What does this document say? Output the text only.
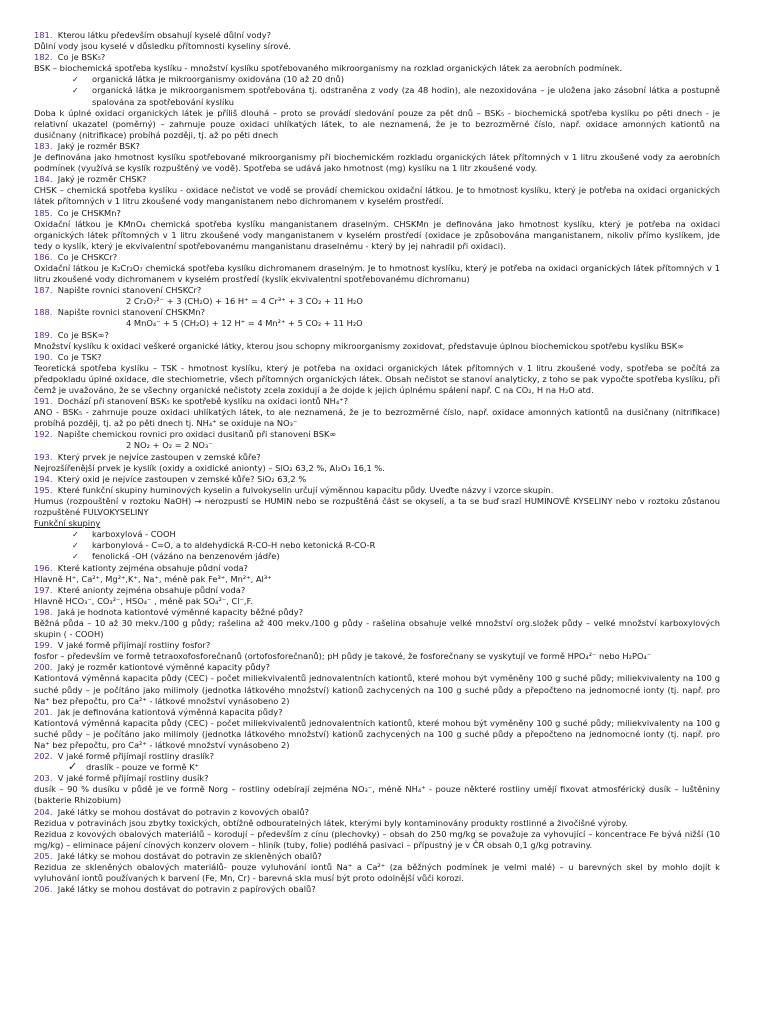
181. Kterou látku především obsahují kyselé důlní vody?
Důlní vody jsou kyselé v důsledku přítomnosti kyseliny sírové.
182. Co je BSK₅?
BSK – biochemická spotřeba kyslíku - množství kyslíku spotřebovaného mikroorganismy na rozklad organických látek za aerobních podmínek.
✓ organická látka je mikroorganismy oxidována (10 až 20 dnů)
✓ organická látka je mikroorganismem spotřebována tj. odstraněna z vody (za 48 hodin), ale nezoxidována – je uložena jako zásobní látka a postupně spalována za spotřebování kyslíku
Doba k úplné oxidaci organických látek je příliš dlouhá – proto se provádí sledování pouze za pět dnů – BSK₅ - biochemická spotřeba kyslíku po pěti dnech - je relativní ukazatel (poměrný) – zahrnuje pouze oxidaci uhlíkatých látek, to ale neznamená, že je to bezrozměrné číslo, např. oxidace amonných kationtů na dusičnany (nitrifikace) probíhá později, tj. až po pěti dnech
183. Jaký je rozměr BSK?
Je definována jako hmotnost kyslíku spotřebované mikroorganismy při biochemickém rozkladu organických látek přítomných v 1 litru zkoušené vody za aerobních podmínek (využívá se kyslík rozpuštěný ve vodě). Spotřeba se udává jako hmotnost (mg) kyslíku na 1 litr zkoušené vody.
184. Jaký je rozměr CHSK?
CHSK – chemická spotřeba kyslíku - oxidace nečistot ve vodě se provádí chemickou oxidační látkou. Je to hmotnost kyslíku, který je potřeba na oxidaci organických látek přítomných v 1 litru zkoušené vody manganistanem nebo dichromanem v kyselém prostředí.
185. Co je CHSKMn?
Oxidační látkou je KMnO₄ chemická spotřeba kyslíku manganistanem draselným. CHSKMn je definována jako hmotnost kyslíku, který je potřeba na oxidaci organických látek přítomných v 1 litru zkoušené vody manganistanem v kyselém prostředí (oxidace je způsobována manganistanem, nikoliv přímo kyslíkem, jde tedy o kyslík, který je ekvivalentní spotřebovanému manganistanu draselnému - který by jej nahradil při oxidaci).
186. Co je CHSKCr?
Oxidační látkou je K₂Cr₂O₇ chemická spotřeba kyslíku dichromanem draselným. Je to hmotnost kyslíku, který je potřeba na oxidaci organických látek přítomných v 1 litru zkoušené vody dichromanem v kyselém prostředí (kyslík ekvivalentní spotřebovanému dichromanu)
187. Napište rovnici stanovení CHSKCr?
2 Cr₂O₇²⁻ + 3 (CH₂O) + 16 H⁺ = 4 Cr³⁺ + 3 CO₂ + 11 H₂O
188. Napište rovnici stanovení CHSKMn?
4 MnO₄⁻ + 5 (CH₂O) + 12 H⁺ = 4 Mn²⁺ + 5 CO₂ + 11 H₂O
189. Co je BSK∞?
Množství kyslíku k oxidaci veškeré organické látky, kterou jsou schopny mikroorganismy zoxidovat, představuje úplnou biochemickou spotřebu kyslíku BSK∞
190. Co je TSK?
Teoretická spotřeba kyslíku – TSK - hmotnost kyslíku, který je potřeba na oxidaci organických látek přítomných v 1 litru zkoušené vody, spotřeba se počítá za předpokladu úplné oxidace, dle stechiometrie, všech přítomných organických látek. Obsah nečistot se stanoví analyticky, z toho se pak vypočte spotřeba kyslíku, při čemž je uvažováno, že se všechny organické nečistoty zcela zoxidují a že dojde k jejich úplnému spálení např. C na CO₂, H na H₂O atd.
191. Dochází při stanovení BSK₅ ke spotřebě kyslíku na oxidaci iontů NH₄⁺?
ANO - BSK₅ - zahrnuje pouze oxidaci uhlíkatých látek, to ale neznamená, že je to bezrozměrné číslo, např. oxidace amonných kationtů na dusičnany (nitrifikace) probíhá později, tj. až po pěti dnech tj. NH₄⁺ se oxiduje na NO₃⁻
192. Napište chemickou rovnici pro oxidaci dusitanů při stanovení BSK∞
2 NO₂ + O₂ = 2 NO₃⁻
193. Který prvek je nejvíce zastoupen v zemské kůře?
Nejrozšířenější prvek je kyslík (oxidy a oxidické anionty) – SiO₂ 63,2 %, Al₂O₃ 16,1 %.
194. Který oxid je nejvíce zastoupen v zemské kůře? SiO₂ 63,2 %
195. Které funkční skupiny huminových kyselin a fulvokyselin určují výměnnou kapacitu půdy. Uveďte názvy i vzorce skupin.
Humus (rozpouštění v roztoku NaOH) → nerozpustí se HUMIN nebo se rozpuštěná část se okyselí, a ta se buď srazí HUMINOVÉ KYSELINY nebo v roztoku zůstanou rozpuštěné FULVOKYSELINY
Funkční skupiny
✓ karboxylová - COOH
✓ karbonylová - C=O, a to aldehydická R-CO-H nebo ketonická R-CO-R
✓ fenolická -OH (vázáno na benzenovém jádře)
196. Které kationty zejména obsahuje půdní voda?
Hlavně H⁺, Ca²⁺, Mg²⁺,K⁺, Na⁺, méně pak Fe³⁺, Mn²⁺, Al³⁺
197. Které anionty zejména obsahuje půdní voda?
Hlavně HCO₃⁻, CO₃²⁻, HSO₄⁻ , méně pak SO₄²⁻, Cl⁻,F.
198. Jaká je hodnota kationtové výměnné kapacity běžné půdy?
Běžná půda – 10 až 30 mekv./100 g půdy; rašelina až 400 mekv./100 g půdy - rašelina obsahuje velké množství org.složek půdy – velké množství karboxylových skupin ( - COOH)
199. V jaké formě přijímají rostliny fosfor?
fosfor – především ve formě tetraoxofosforečnanů (ortofosforečnanů); pH půdy je takové, že fosforečnany se vyskytují ve formě HPO₄²⁻ nebo H₂PO₄⁻
200. Jaký je rozměr kationtové výměnné kapacity půdy?
Kationtová výměnná kapacita půdy (CEC) - počet miliekvivalentů jednovalentních kationtů, které mohou být vyměněny 100 g suché půdy; miliekvivalenty na 100 g suché půdy – je počítáno jako milimoly (jednotka látkového množství) kationů zachycených na 100 g suché půdy a přepočteno na jednomocné ionty (tj. např. pro Na⁺ bez přepočtu, pro Ca²⁺ - látkové množství vynásobeno 2)
201. Jak je definována kationtová výměnná kapacita půdy?
Kationtová výměnná kapacita půdy (CEC) - počet miliekvivalentů jednovalentních kationtů, které mohou být vyměněny 100 g suché půdy; miliekvivalenty na 100 g suché půdy – je počítáno jako milimoly (jednotka látkového množství) kationů zachycených na 100 g suché půdy a přepočteno na jednomocné ionty (tj. např. pro Na⁺ bez přepočtu, pro Ca²⁺ - látkové množství vynásobeno 2)
202. V jaké formě přijímají rostliny draslík?
✓ draslík - pouze ve formě K⁺
203. V jaké formě přijímají rostliny dusík?
dusík – 90 % dusíku v půdě je ve formě Norg – rostliny odebírají zejména NO₃⁻, méně NH₄⁺ - pouze některé rostliny umějí fixovat atmosférický dusík – luštěniny (bakterie Rhizobium)
204. Jaké látky se mohou dostávat do potravin z kovových obalů?
Rezidua v potravinách jsou zbytky toxických, obtížně odbouratelných látek, kterými byly kontaminovány produkty rostlinné a živočišné výroby.
Rezidua z kovových obalových materiálů – korodují – především z cínu (plechovky) – obsah do 250 mg/kg se považuje za vyhovující – koncentrace Fe bývá nižší (10 mg/kg) – eliminace pájení cínových konzerv olovem – hliník (tuby, folie) podléhá pasivaci – přípustný je v ČR obsah 0,1 g/kg potraviny.
205. Jaké látky se mohou dostávat do potravin ze skleněných obalů?
Rezidua ze skleněných obalových materiálů- pouze vyluhování iontů Na⁺ a Ca²⁺ (za běžných podmínek je velmi malé) – u barevných skel by mohlo dojít k vyluhování iontů používaných k barvení (Fe, Mn, Cr) - barevná skla musí být proto odolnější vůči korozi.
206. Jaké látky se mohou dostávat do potravin z papírových obalů?
